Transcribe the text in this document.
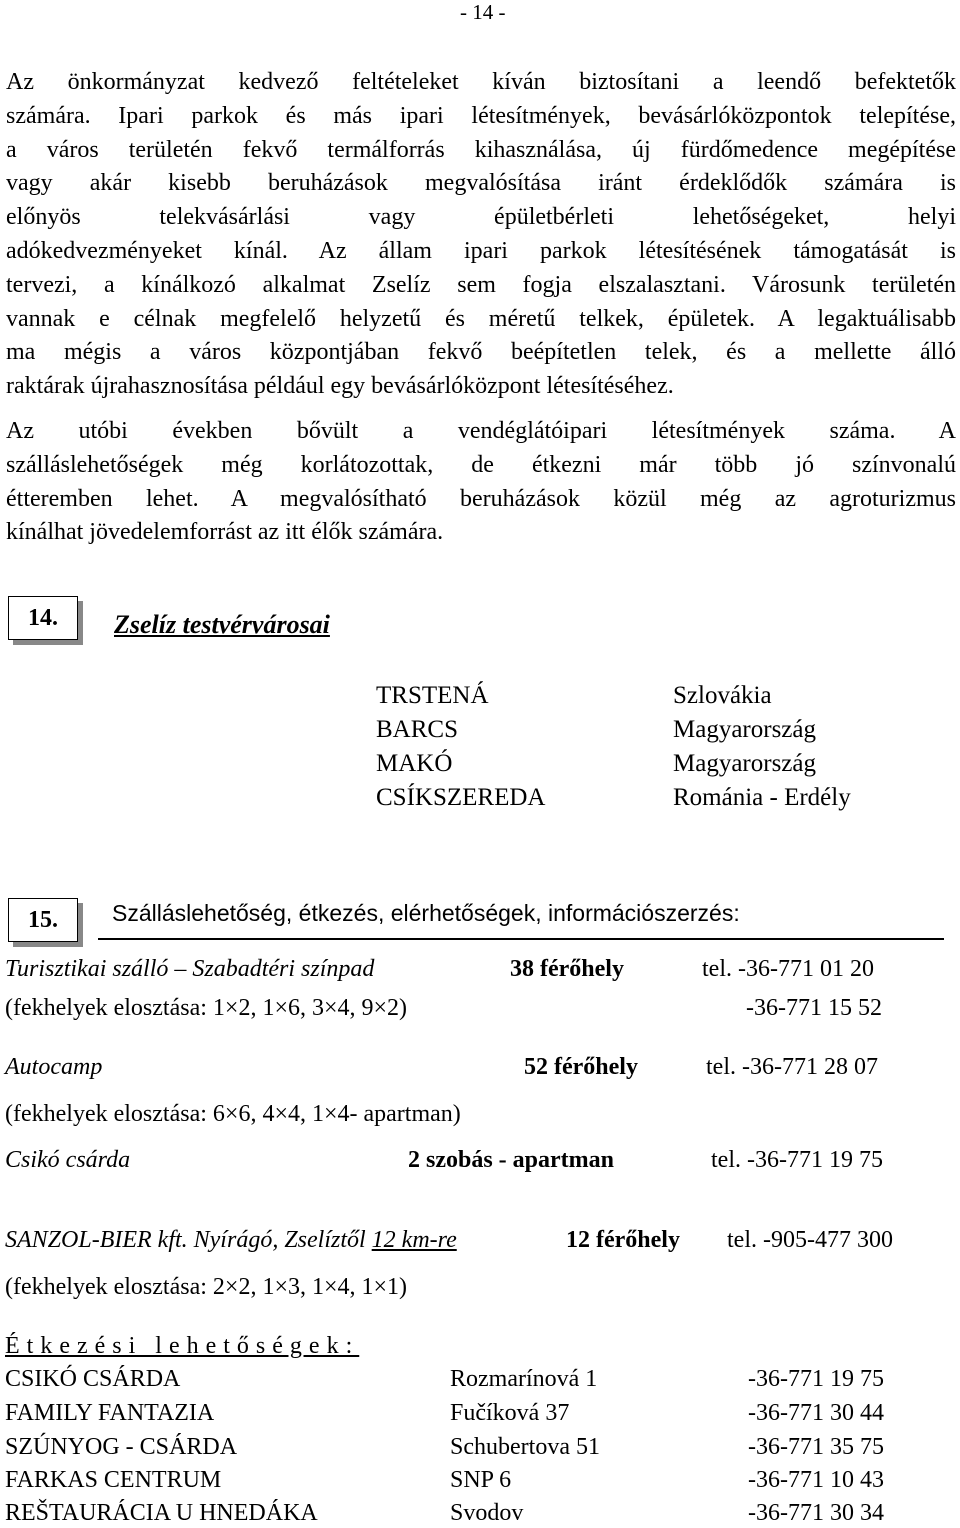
- 14 -
Az önkormányzat kedvező feltételeket kíván biztosítani a leendő befektetők
számára. Ipari parkok és más ipari létesítmények, bevásárlóközpontok telepítése,
a város területén fekvő termálforrás kihasználása, új fürdőmedence megépítése
vagy akár kisebb beruházások megvalósítása iránt érdeklődők számára is
előnyös telekvásárlási vagy épületbérleti lehetőségeket, helyi
adókedvezményeket kínál. Az állam ipari parkok létesítésének támogatását is
tervezi, a kínálkozó alkalmat Zselíz sem fogja elszalasztani. Városunk területén
vannak e célnak megfelelő helyzetű és méretű telkek, épületek. A legaktuálisabb
ma mégis a város központjában fekvő beépítetlen telek, és a mellette álló
raktárak újrahasznosítása például egy bevásárlóközpont létesítéséhez.
Az utóbi években bővült a vendéglátóipari létesítmények száma. A
szálláslehetőségek még korlátozottak, de étkezni már több jó színvonalú
étteremben lehet. A megvalósítható beruházások közül még az agroturizmus
kínálhat jövedelemforrást az itt élők számára.
14.	Zselíz testvérvárosai
TRSTENÁ	Szlovákia
BARCS	Magyarország
MAKÓ	Magyarország
CSÍKSZEREDA	Románia - Erdély
15.	Szálláslehetőség, étkezés, elérhetőségek, információszerzés:
Turisztikai szálló – Szabadtéri színpad	38 férőhely	tel. -36-771 01 20
(fekhelyek elosztása: 1×2, 1×6, 3×4, 9×2)	-36-771 15 52
Autocamp	52 férőhely	tel. -36-771 28 07
(fekhelyek elosztása: 6×6, 4×4, 1×4- apartman)
Csikó csárda	2 szobás - apartman	tel. -36-771 19 75
SANZOL-BIER kft. Nyírágó, Zselíztől 12 km-re	12 férőhely tel. -905-477 300
(fekhelyek elosztása: 2×2, 1×3, 1×4, 1×1)
Étkezési lehetőségek:
CSIKÓ CSÁRDA	Rozmarínová 1	-36-771 19 75
FAMILY FANTAZIA	Fučíková 37	-36-771 30 44
SZÚNYOG - CSÁRDA	Schubertova 51	-36-771 35 75
FARKAS CENTRUM	SNP 6	-36-771 10 43
REŠTAURÁCIA U HNEDÁKA	Svodov	-36-771 30 34
